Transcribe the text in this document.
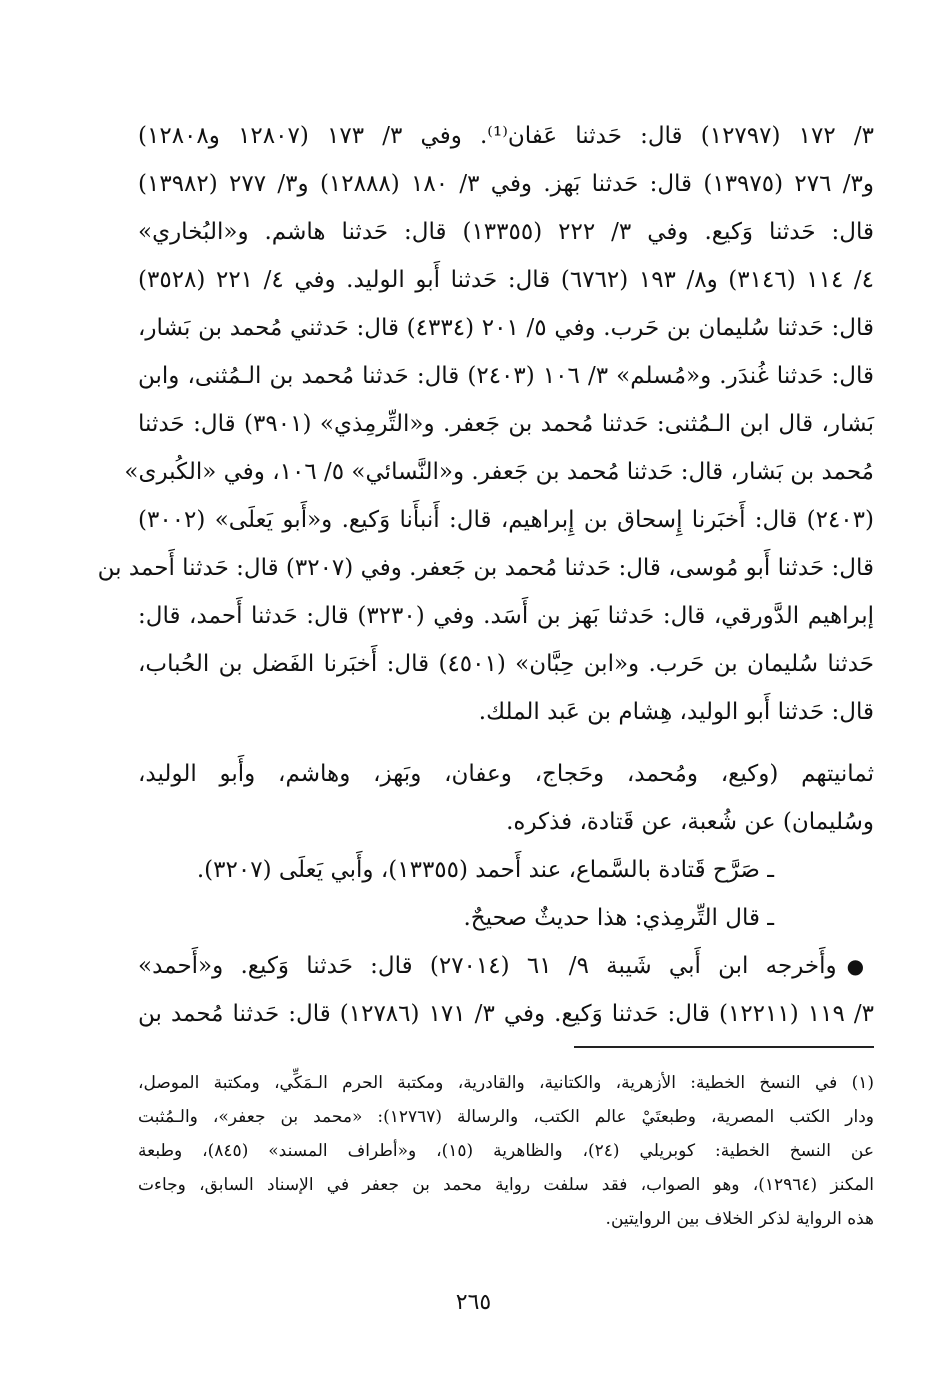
٣/ ١٧٢ (١٢٧٩٧) قال: حَدثنا عَفان⁽¹⁾. وفي ٣/ ١٧٣ (١٢٨٠٧ و١٢٨٠٨)
و٣/ ٢٧٦ (١٣٩٧٥) قال: حَدثنا بَهز. وفي ٣/ ١٨٠ (١٢٨٨٨) و٣/ ٢٧٧ (١٣٩٨٢)
قال: حَدثنا وَكيع. وفي ٣/ ٢٢٢ (١٣٣٥٥) قال: حَدثنا هاشم. و«البُخاري»
٤/ ١١٤ (٣١٤٦) و٨/ ١٩٣ (٦٧٦٢) قال: حَدثنا أَبو الوليد. وفي ٤/ ٢٢١ (٣٥٢٨)
قال: حَدثنا سُليمان بن حَرب. وفي ٥/ ٢٠١ (٤٣٣٤) قال: حَدثني مُحمد بن بَشار،
قال: حَدثنا غُندَر. و«مُسلم» ٣/ ١٠٦ (٢٤٠٣) قال: حَدثنا مُحمد بن الـمُثنى، وابن
بَشار، قال ابن الـمُثنى: حَدثنا مُحمد بن جَعفر. و«التِّرمِذي» (٣٩٠١) قال: حَدثنا
مُحمد بن بَشار، قال: حَدثنا مُحمد بن جَعفر. و«النَّسائي» ٥/ ١٠٦، وفي «الكُبرى»
(٢٤٠٣) قال: أَخبَرنا إِسحاق بن إِبراهيم، قال: أَنبأَنا وَكيع. و«أَبو يَعلَى» (٣٠٠٢)
قال: حَدثنا أَبو مُوسى، قال: حَدثنا مُحمد بن جَعفر. وفي (٣٢٠٧) قال: حَدثنا أَحمد بن
إبراهيم الدَّورقي، قال: حَدثنا بَهز بن أَسَد. وفي (٣٢٣٠) قال: حَدثنا أَحمد، قال:
حَدثنا سُليمان بن حَرب. و«ابن حِبَّان» (٤٥٠١) قال: أَخبَرنا الفَضل بن الحُباب،
قال: حَدثنا أَبو الوليد، هِشام بن عَبد الملك.
ثمانيتهم (وكيع، ومُحمد، وحَجاج، وعفان، وبَهز، وهاشم، وأَبو الوليد،
وسُليمان) عن شُعبة، عن قَتادة، فذكره.
ـ صَرَّح قَتادة بالسَّماع، عند أَحمد (١٣٣٥٥)، وأَبي يَعلَى (٣٢٠٧).
ـ قال التِّرمِذي: هذا حديثٌ صحيحٌ.
●وأَخرجه ابن أَبي شَيبة ٩/ ٦١ (٢٧٠١٤) قال: حَدثنا وَكيع. و«أَحمد»
٣/ ١١٩ (١٢٢١١) قال: حَدثنا وَكيع. وفي ٣/ ١٧١ (١٢٧٨٦) قال: حَدثنا مُحمد بن
(١) في النسخ الخطية: الأزهرية، والكتانية، والقادرية، ومكتبة الحرم الـمَكِّي، ومكتبة الموصل،
ودار الكتب المصرية، وطبعتَيْ عالم الكتب، والرسالة (١٢٧٦٧): «محمد بن جعفر»، والـمُثبت
عن النسخ الخطية: كوبريلي (٢٤)، والظاهرية (١٥)، و«أطراف المسند» (٨٤٥)، وطبعة
المكنز (١٢٩٦٤)، وهو الصواب، فقد سلفت رواية محمد بن جعفر في الإسناد السابق، وجاءت
هذه الرواية لذكر الخلاف بين الروايتين.
٢٦٥
